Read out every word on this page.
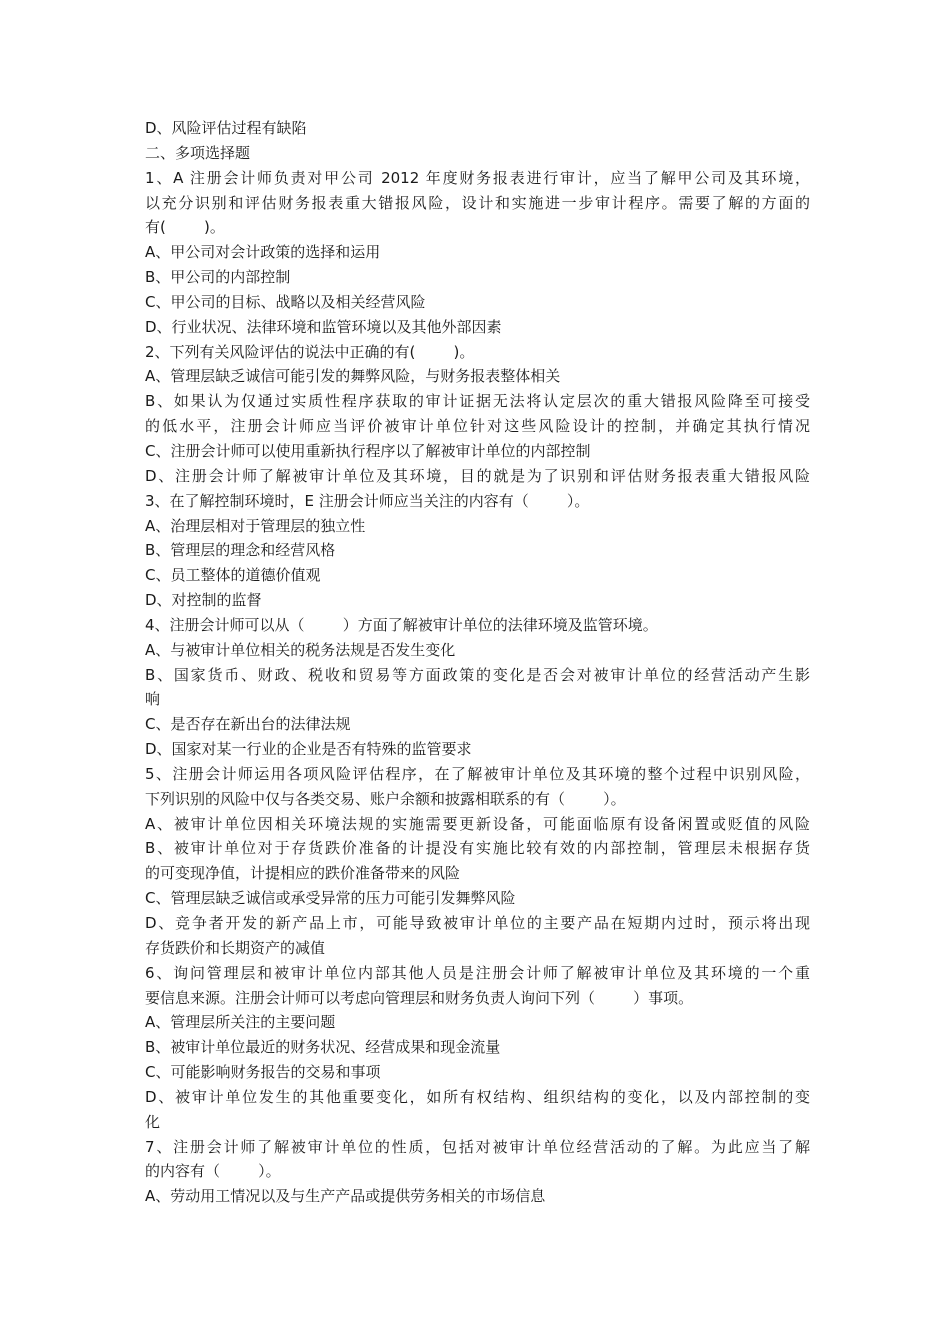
D、风险评估过程有缺陷
二、多项选择题
1、A 注册会计师负责对甲公司 2012 年度财务报表进行审计，应当了解甲公司及其环境，
以充分识别和评估财务报表重大错报风险，设计和实施进一步审计程序。需要了解的方面的
有(        )。
A、甲公司对会计政策的选择和运用
B、甲公司的内部控制
C、甲公司的目标、战略以及相关经营风险
D、行业状况、法律环境和监管环境以及其他外部因素
2、下列有关风险评估的说法中正确的有(        )。
A、管理层缺乏诚信可能引发的舞弊风险，与财务报表整体相关
B、如果认为仅通过实质性程序获取的审计证据无法将认定层次的重大错报风险降至可接受
的低水平，注册会计师应当评价被审计单位针对这些风险设计的控制，并确定其执行情况
C、注册会计师可以使用重新执行程序以了解被审计单位的内部控制
D、注册会计师了解被审计单位及其环境，目的就是为了识别和评估财务报表重大错报风险
3、在了解控制环境时，E 注册会计师应当关注的内容有（        ）。
A、治理层相对于管理层的独立性
B、管理层的理念和经营风格
C、员工整体的道德价值观
D、对控制的监督
4、注册会计师可以从（        ）方面了解被审计单位的法律环境及监管环境。
A、与被审计单位相关的税务法规是否发生变化
B、国家货币、财政、税收和贸易等方面政策的变化是否会对被审计单位的经营活动产生影
响
C、是否存在新出台的法律法规
D、国家对某一行业的企业是否有特殊的监管要求
5、注册会计师运用各项风险评估程序，在了解被审计单位及其环境的整个过程中识别风险，
下列识别的风险中仅与各类交易、账户余额和披露相联系的有（        ）。
A、被审计单位因相关环境法规的实施需要更新设备，可能面临原有设备闲置或贬值的风险
B、被审计单位对于存货跌价准备的计提没有实施比较有效的内部控制，管理层未根据存货
的可变现净值，计提相应的跌价准备带来的风险
C、管理层缺乏诚信或承受异常的压力可能引发舞弊风险
D、竞争者开发的新产品上市，可能导致被审计单位的主要产品在短期内过时，预示将出现
存货跌价和长期资产的减值
6、询问管理层和被审计单位内部其他人员是注册会计师了解被审计单位及其环境的一个重
要信息来源。注册会计师可以考虑向管理层和财务负责人询问下列（        ）事项。
A、管理层所关注的主要问题
B、被审计单位最近的财务状况、经营成果和现金流量
C、可能影响财务报告的交易和事项
D、被审计单位发生的其他重要变化，如所有权结构、组织结构的变化，以及内部控制的变
化
7、注册会计师了解被审计单位的性质，包括对被审计单位经营活动的了解。为此应当了解
的内容有（        ）。
A、劳动用工情况以及与生产产品或提供劳务相关的市场信息
